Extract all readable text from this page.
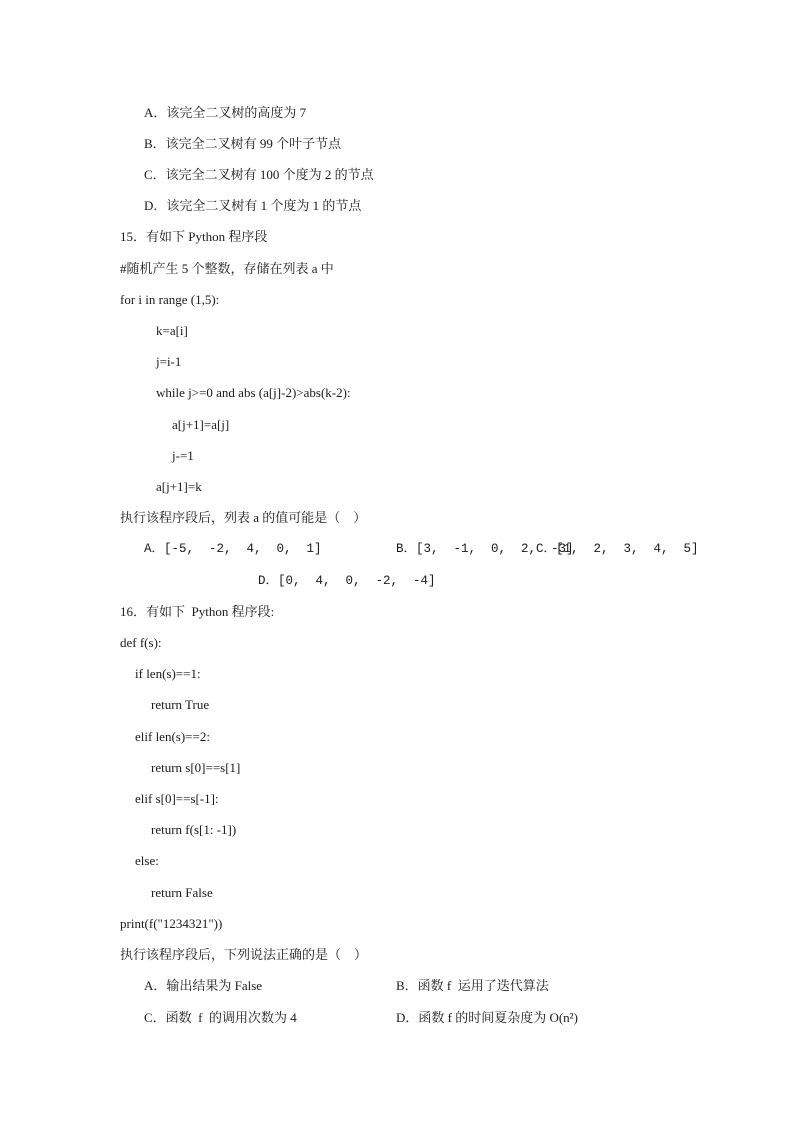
A．该完全二叉树的高度为 7
B．该完全二叉树有 99 个叶子节点
C．该完全二叉树有 100 个度为 2 的节点
D．该完全二叉树有 1 个度为 1 的节点
15．有如下 Python 程序段
#随机产生 5 个整数，存储在列表 a 中
for i in range (1,5):
k=a[i]
j=i-1
while j>=0 and abs (a[j]-2)>abs(k-2):
a[j+1]=a[j]
j-=1
a[j+1]=k
执行该程序段后，列表 a 的值可能是（    ）
A．[-5,  -2,  4,  0,  1]	B．[3,  -1,  0,  2,  -3]
C．[1,  2,  3,  4,  5]
D．[0,  4,  0,  -2,  -4]
16．有如下  Python 程序段:
def f(s):
if len(s)==1:
return True
elif len(s)==2:
return s[0]==s[1]
elif s[0]==s[-1]:
return f(s[1: -1])
else:
return False
print(f("1234321"))
执行该程序段后，下列说法正确的是（    ）
A．输出结果为 False	B．函数 f  运用了迭代算法
C．函数  f  的调用次数为 4	D．函数 f 的时间夏杂度为 O(n²)
